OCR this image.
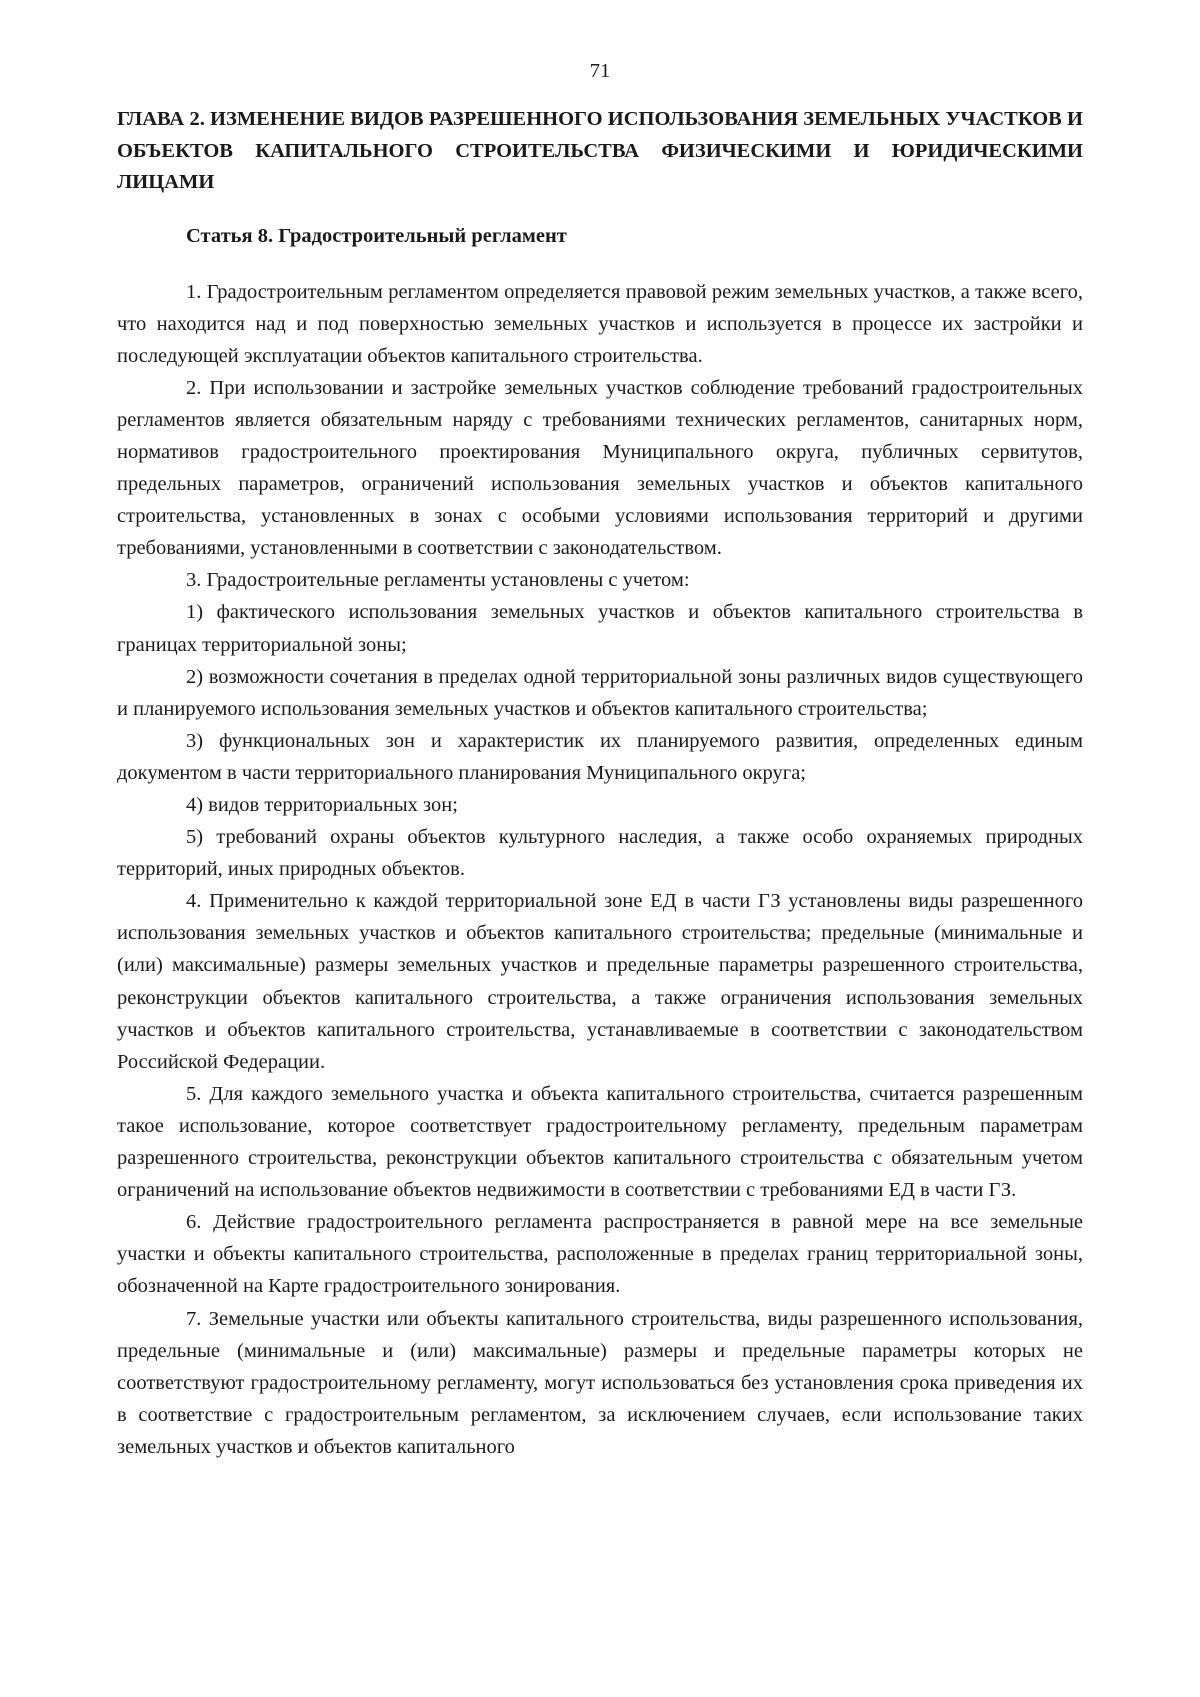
71
ГЛАВА 2. ИЗМЕНЕНИЕ ВИДОВ РАЗРЕШЕННОГО ИСПОЛЬЗОВАНИЯ ЗЕМЕЛЬНЫХ УЧАСТКОВ И ОБЪЕКТОВ КАПИТАЛЬНОГО СТРОИТЕЛЬСТВА ФИЗИЧЕСКИМИ И ЮРИДИЧЕСКИМИ ЛИЦАМИ
Статья 8. Градостроительный регламент

1. Градостроительным регламентом определяется правовой режим земельных участков, а также всего, что находится над и под поверхностью земельных участков и используется в процессе их застройки и последующей эксплуатации объектов капитального строительства.

2. При использовании и застройке земельных участков соблюдение требований градостроительных регламентов является обязательным наряду с требованиями технических регламентов, санитарных норм, нормативов градостроительного проектирования Муниципального округа, публичных сервитутов, предельных параметров, ограничений использования земельных участков и объектов капитального строительства, установленных в зонах с особыми условиями использования территорий и другими требованиями, установленными в соответствии с законодательством.

3. Градостроительные регламенты установлены с учетом:

1) фактического использования земельных участков и объектов капитального строительства в границах территориальной зоны;

2) возможности сочетания в пределах одной территориальной зоны различных видов существующего и планируемого использования земельных участков и объектов капитального строительства;

3) функциональных зон и характеристик их планируемого развития, определенных единым документом в части территориального планирования Муниципального округа;

4) видов территориальных зон;

5) требований охраны объектов культурного наследия, а также особо охраняемых природных территорий, иных природных объектов.

4. Применительно к каждой территориальной зоне ЕД в части ГЗ установлены виды разрешенного использования земельных участков и объектов капитального строительства; предельные (минимальные и (или) максимальные) размеры земельных участков и предельные параметры разрешенного строительства, реконструкции объектов капитального строительства, а также ограничения использования земельных участков и объектов капитального строительства, устанавливаемые в соответствии с законодательством Российской Федерации.

5. Для каждого земельного участка и объекта капитального строительства, считается разрешенным такое использование, которое соответствует градостроительному регламенту, предельным параметрам разрешенного строительства, реконструкции объектов капитального строительства с обязательным учетом ограничений на использование объектов недвижимости в соответствии с требованиями ЕД в части ГЗ.

6. Действие градостроительного регламента распространяется в равной мере на все земельные участки и объекты капитального строительства, расположенные в пределах границ территориальной зоны, обозначенной на Карте градостроительного зонирования.

7. Земельные участки или объекты капитального строительства, виды разрешенного использования, предельные (минимальные и (или) максимальные) размеры и предельные параметры которых не соответствуют градостроительному регламенту, могут использоваться без установления срока приведения их в соответствие с градостроительным регламентом, за исключением случаев, если использование таких земельных участков и объектов капитального
